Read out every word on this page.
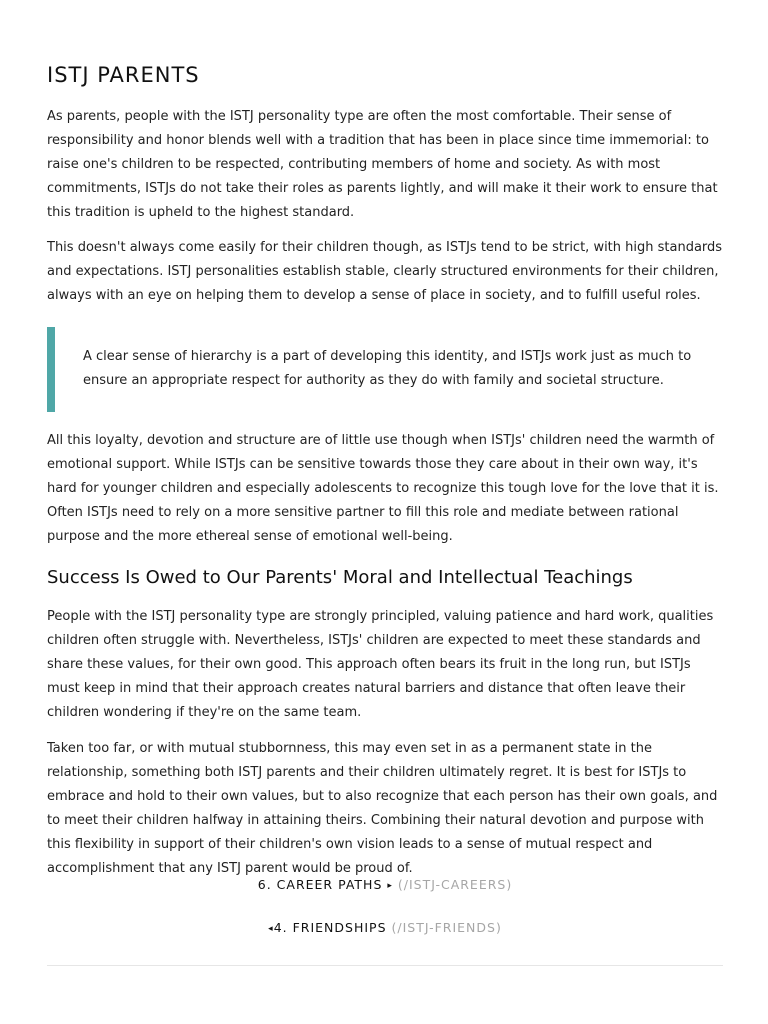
ISTJ PARENTS

As parents, people with the ISTJ personality type are often the most comfortable. Their sense of responsibility and honor blends well with a tradition that has been in place since time immemorial: to raise one's children to be respected, contributing members of home and society. As with most commitments, ISTJs do not take their roles as parents lightly, and will make it their work to ensure that this tradition is upheld to the highest standard.

This doesn't always come easily for their children though, as ISTJs tend to be strict, with high standards and expectations. ISTJ personalities establish stable, clearly structured environments for their children, always with an eye on helping them to develop a sense of place in society, and to fulfill useful roles.

A clear sense of hierarchy is a part of developing this identity, and ISTJs work just as much to ensure an appropriate respect for authority as they do with family and societal structure.

All this loyalty, devotion and structure are of little use though when ISTJs' children need the warmth of emotional support. While ISTJs can be sensitive towards those they care about in their own way, it's hard for younger children and especially adolescents to recognize this tough love for the love that it is. Often ISTJs need to rely on a more sensitive partner to fill this role and mediate between rational purpose and the more ethereal sense of emotional well-being.

Success Is Owed to Our Parents' Moral and Intellectual Teachings

People with the ISTJ personality type are strongly principled, valuing patience and hard work, qualities children often struggle with. Nevertheless, ISTJs' children are expected to meet these standards and share these values, for their own good. This approach often bears its fruit in the long run, but ISTJs must keep in mind that their approach creates natural barriers and distance that often leave their children wondering if they're on the same team.

Taken too far, or with mutual stubbornness, this may even set in as a permanent state in the relationship, something both ISTJ parents and their children ultimately regret. It is best for ISTJs to embrace and hold to their own values, but to also recognize that each person has their own goals, and to meet their children halfway in attaining theirs. Combining their natural devotion and purpose with this flexibility in support of their children's own vision leads to a sense of mutual respect and accomplishment that any ISTJ parent would be proud of.

6. CAREER PATHS ▸ (/ISTJ-CAREERS)
◂4. FRIENDSHIPS (/ISTJ-FRIENDS)
